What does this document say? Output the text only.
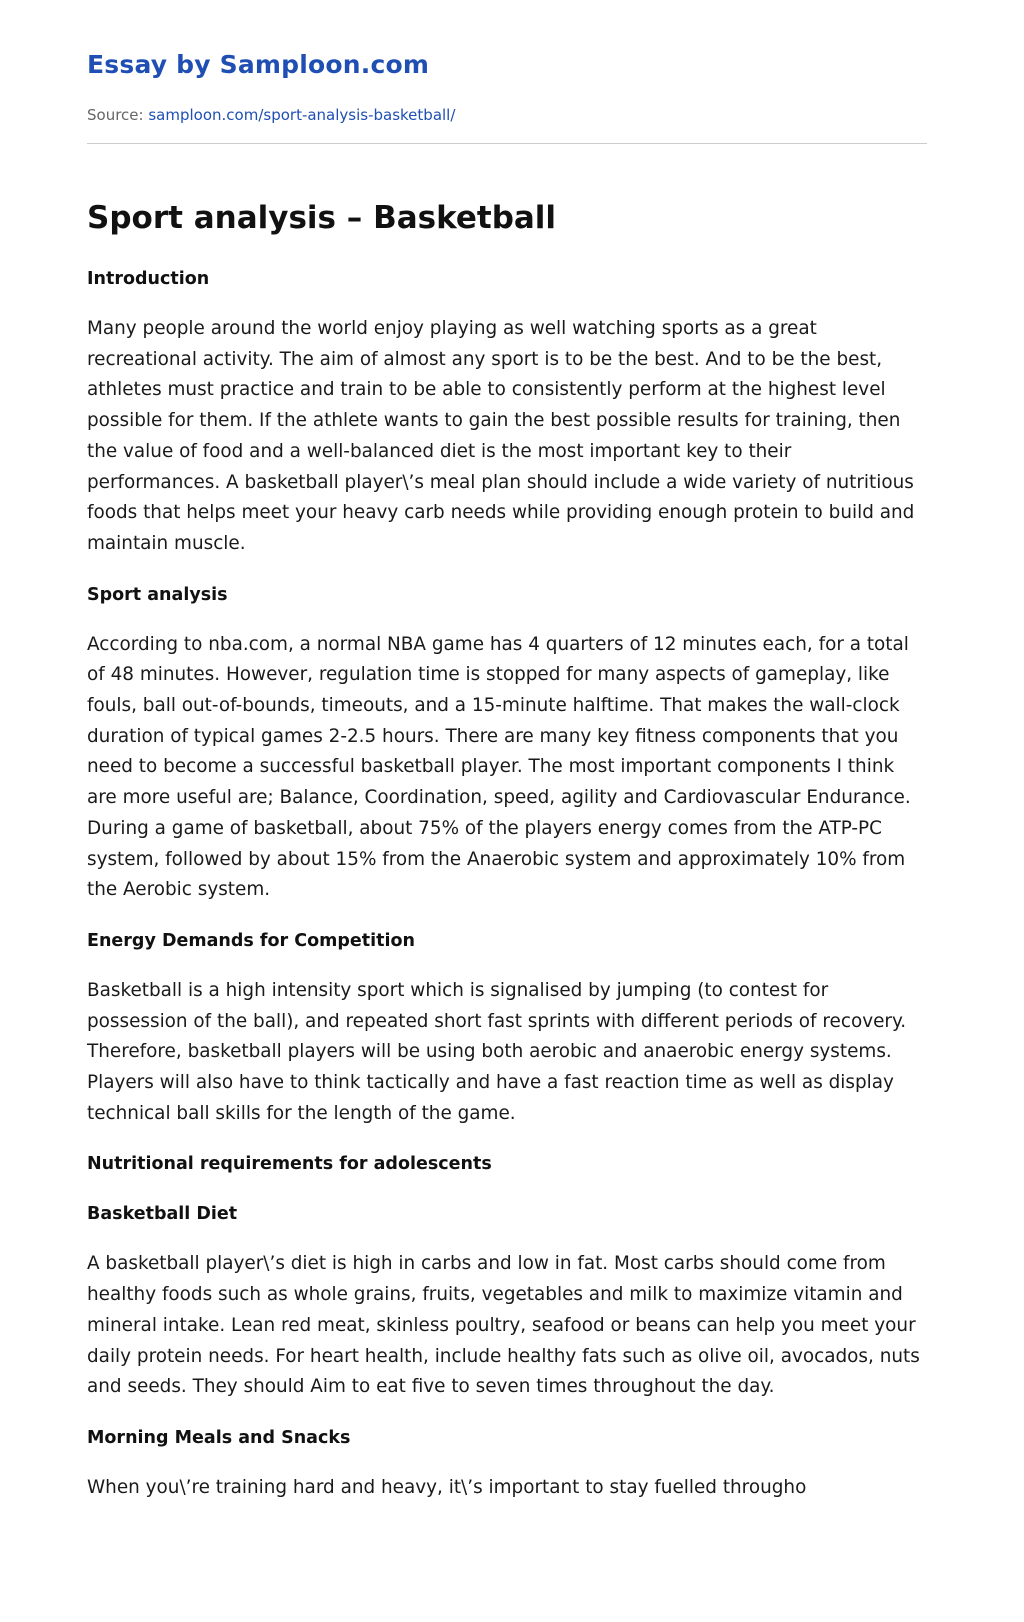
Essay by Samploon.com
Source: samploon.com/sport-analysis-basketball/
Sport analysis – Basketball
Introduction

Many people around the world enjoy playing as well watching sports as a great recreational activity. The aim of almost any sport is to be the best. And to be the best, athletes must practice and train to be able to consistently perform at the highest level possible for them. If the athlete wants to gain the best possible results for training, then the value of food and a well-balanced diet is the most important key to their performances. A basketball player\’s meal plan should include a wide variety of nutritious foods that helps meet your heavy carb needs while providing enough protein to build and maintain muscle.

Sport analysis

According to nba.com, a normal NBA game has 4 quarters of 12 minutes each, for a total of 48 minutes. However, regulation time is stopped for many aspects of gameplay, like fouls, ball out-of-bounds, timeouts, and a 15-minute halftime. That makes the wall-clock duration of typical games 2-2.5 hours. There are many key fitness components that you need to become a successful basketball player. The most important components I think are more useful are; Balance, Coordination, speed, agility and Cardiovascular Endurance. During a game of basketball, about 75% of the players energy comes from the ATP-PC system, followed by about 15% from the Anaerobic system and approximately 10% from the Aerobic system.

Energy Demands for Competition

Basketball is a high intensity sport which is signalised by jumping (to contest for possession of the ball), and repeated short fast sprints with different periods of recovery. Therefore, basketball players will be using both aerobic and anaerobic energy systems. Players will also have to think tactically and have a fast reaction time as well as display technical ball skills for the length of the game.

Nutritional requirements for adolescents
Basketball Diet

A basketball player\’s diet is high in carbs and low in fat. Most carbs should come from healthy foods such as whole grains, fruits, vegetables and milk to maximize vitamin and mineral intake. Lean red meat, skinless poultry, seafood or beans can help you meet your daily protein needs. For heart health, include healthy fats such as olive oil, avocados, nuts and seeds. They should Aim to eat five to seven times throughout the day.

Morning Meals and Snacks

When you\’re training hard and heavy, it\’s important to stay fuelled througho
